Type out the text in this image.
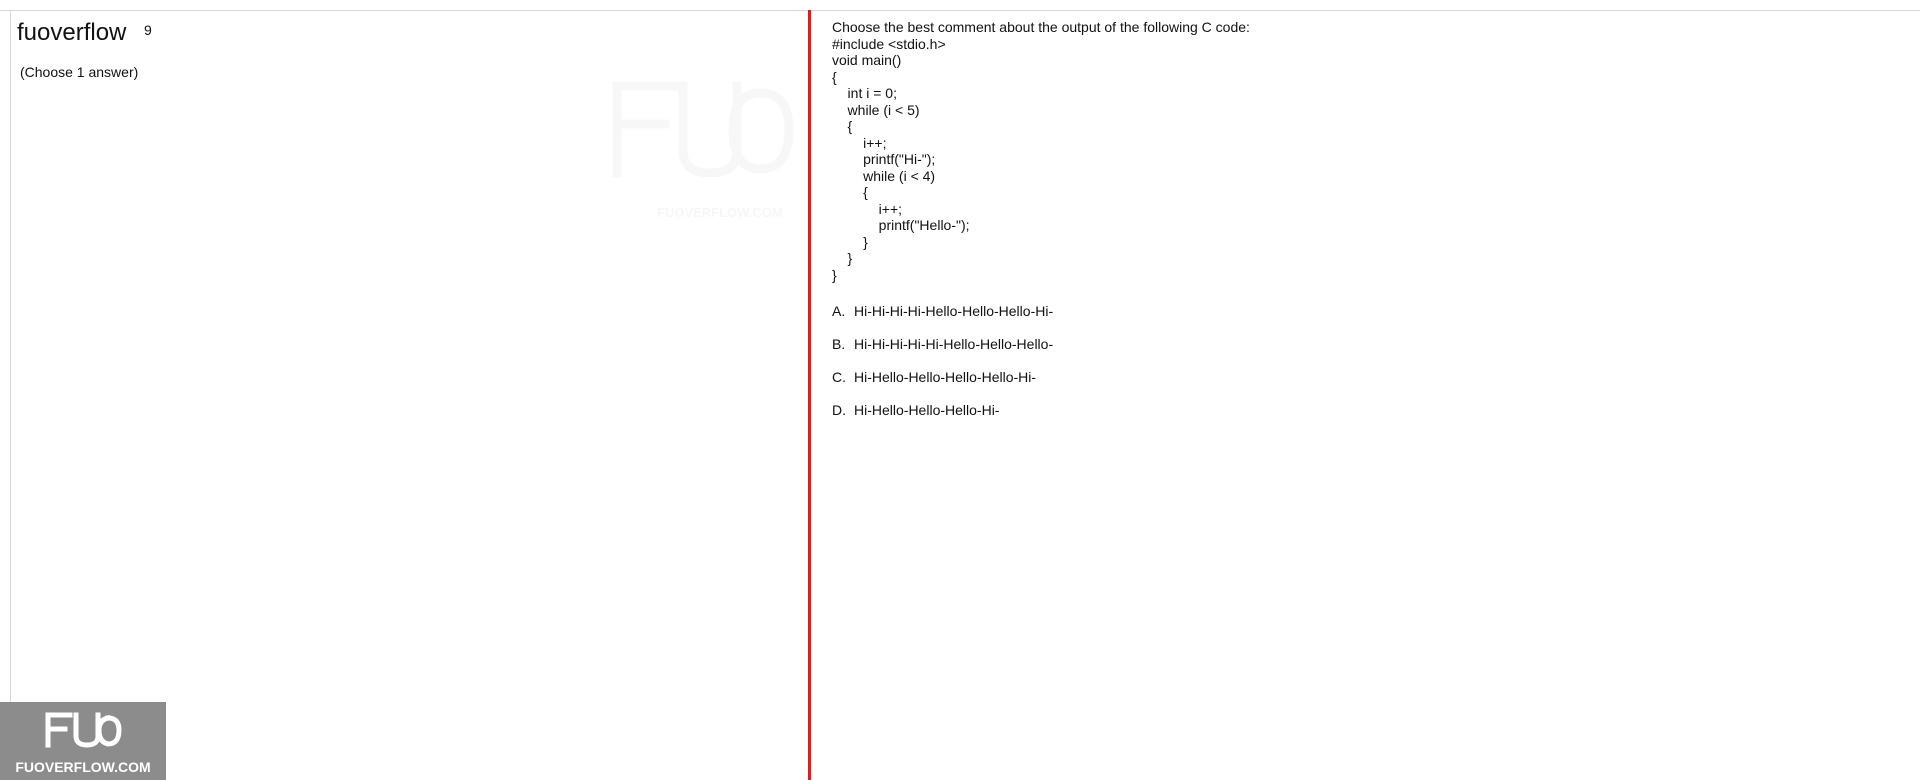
fuoverflow 9
(Choose 1 answer)
FUOVERFLOW.COM
Choose the best comment about the output of the following C code:
#include <stdio.h>
void main()
{
int i = 0;
while (i < 5)
{
i++;
printf("Hi-");
while (i < 4)
{
i++;
printf("Hello-");
}
}
}
A. Hi-Hi-Hi-Hi-Hello-Hello-Hello-Hi-
B. Hi-Hi-Hi-Hi-Hi-Hello-Hello-Hello-
C. Hi-Hello-Hello-Hello-Hello-Hi-
D. Hi-Hello-Hello-Hello-Hi-
FUOVERFLOW.COM
